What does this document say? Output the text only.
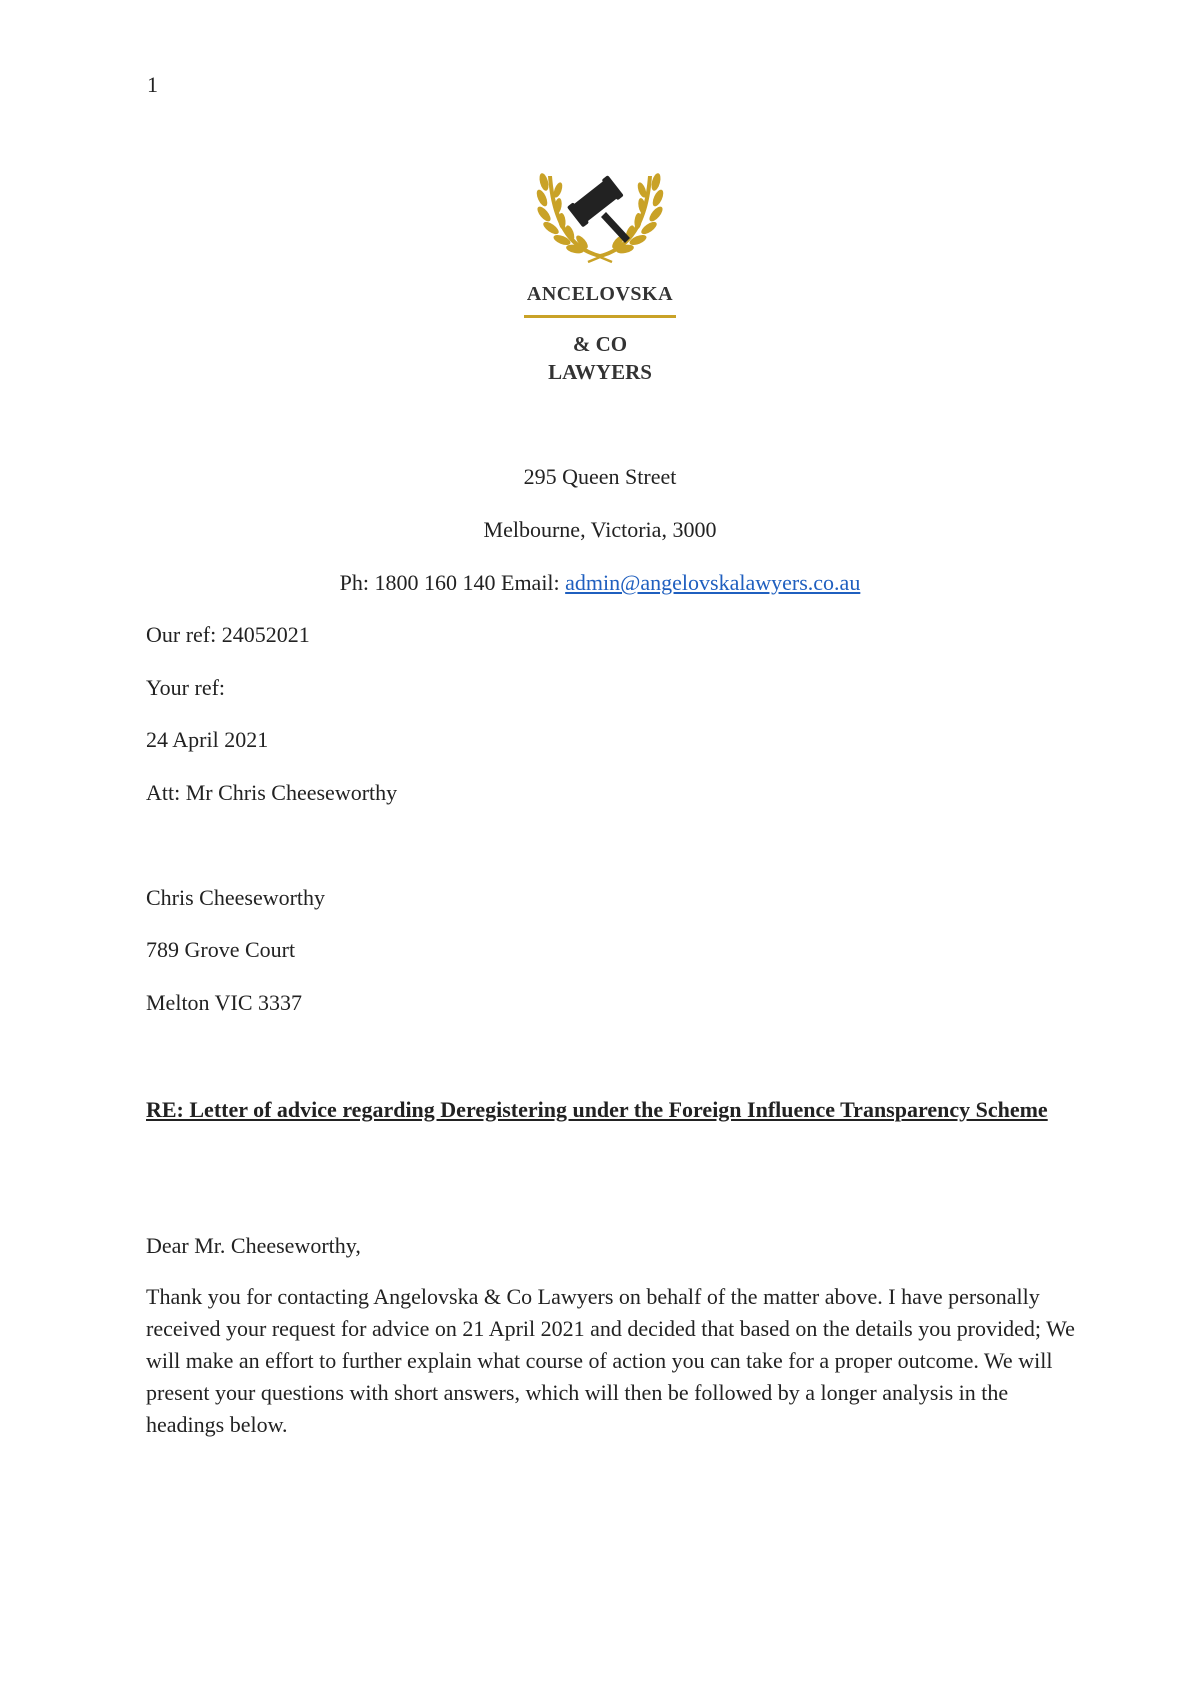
1
ANCELOVSKA
& CO
LAWYERS
295 Queen Street
Melbourne, Victoria, 3000
Ph: 1800 160 140 Email: admin@angelovskalawyers.co.au
Our ref: 24052021
Your ref:
24 April 2021
Att: Mr Chris Cheeseworthy
Chris Cheeseworthy
789 Grove Court
Melton VIC 3337
RE: Letter of advice regarding Deregistering under the Foreign Influence Transparency Scheme
Dear Mr. Cheeseworthy,
Thank you for contacting Angelovska & Co Lawyers on behalf of the matter above. I have personally received your request for advice on 21 April 2021 and decided that based on the details you provided; We will make an effort to further explain what course of action you can take for a proper outcome. We will present your questions with short answers, which will then be followed by a longer analysis in the headings below.
